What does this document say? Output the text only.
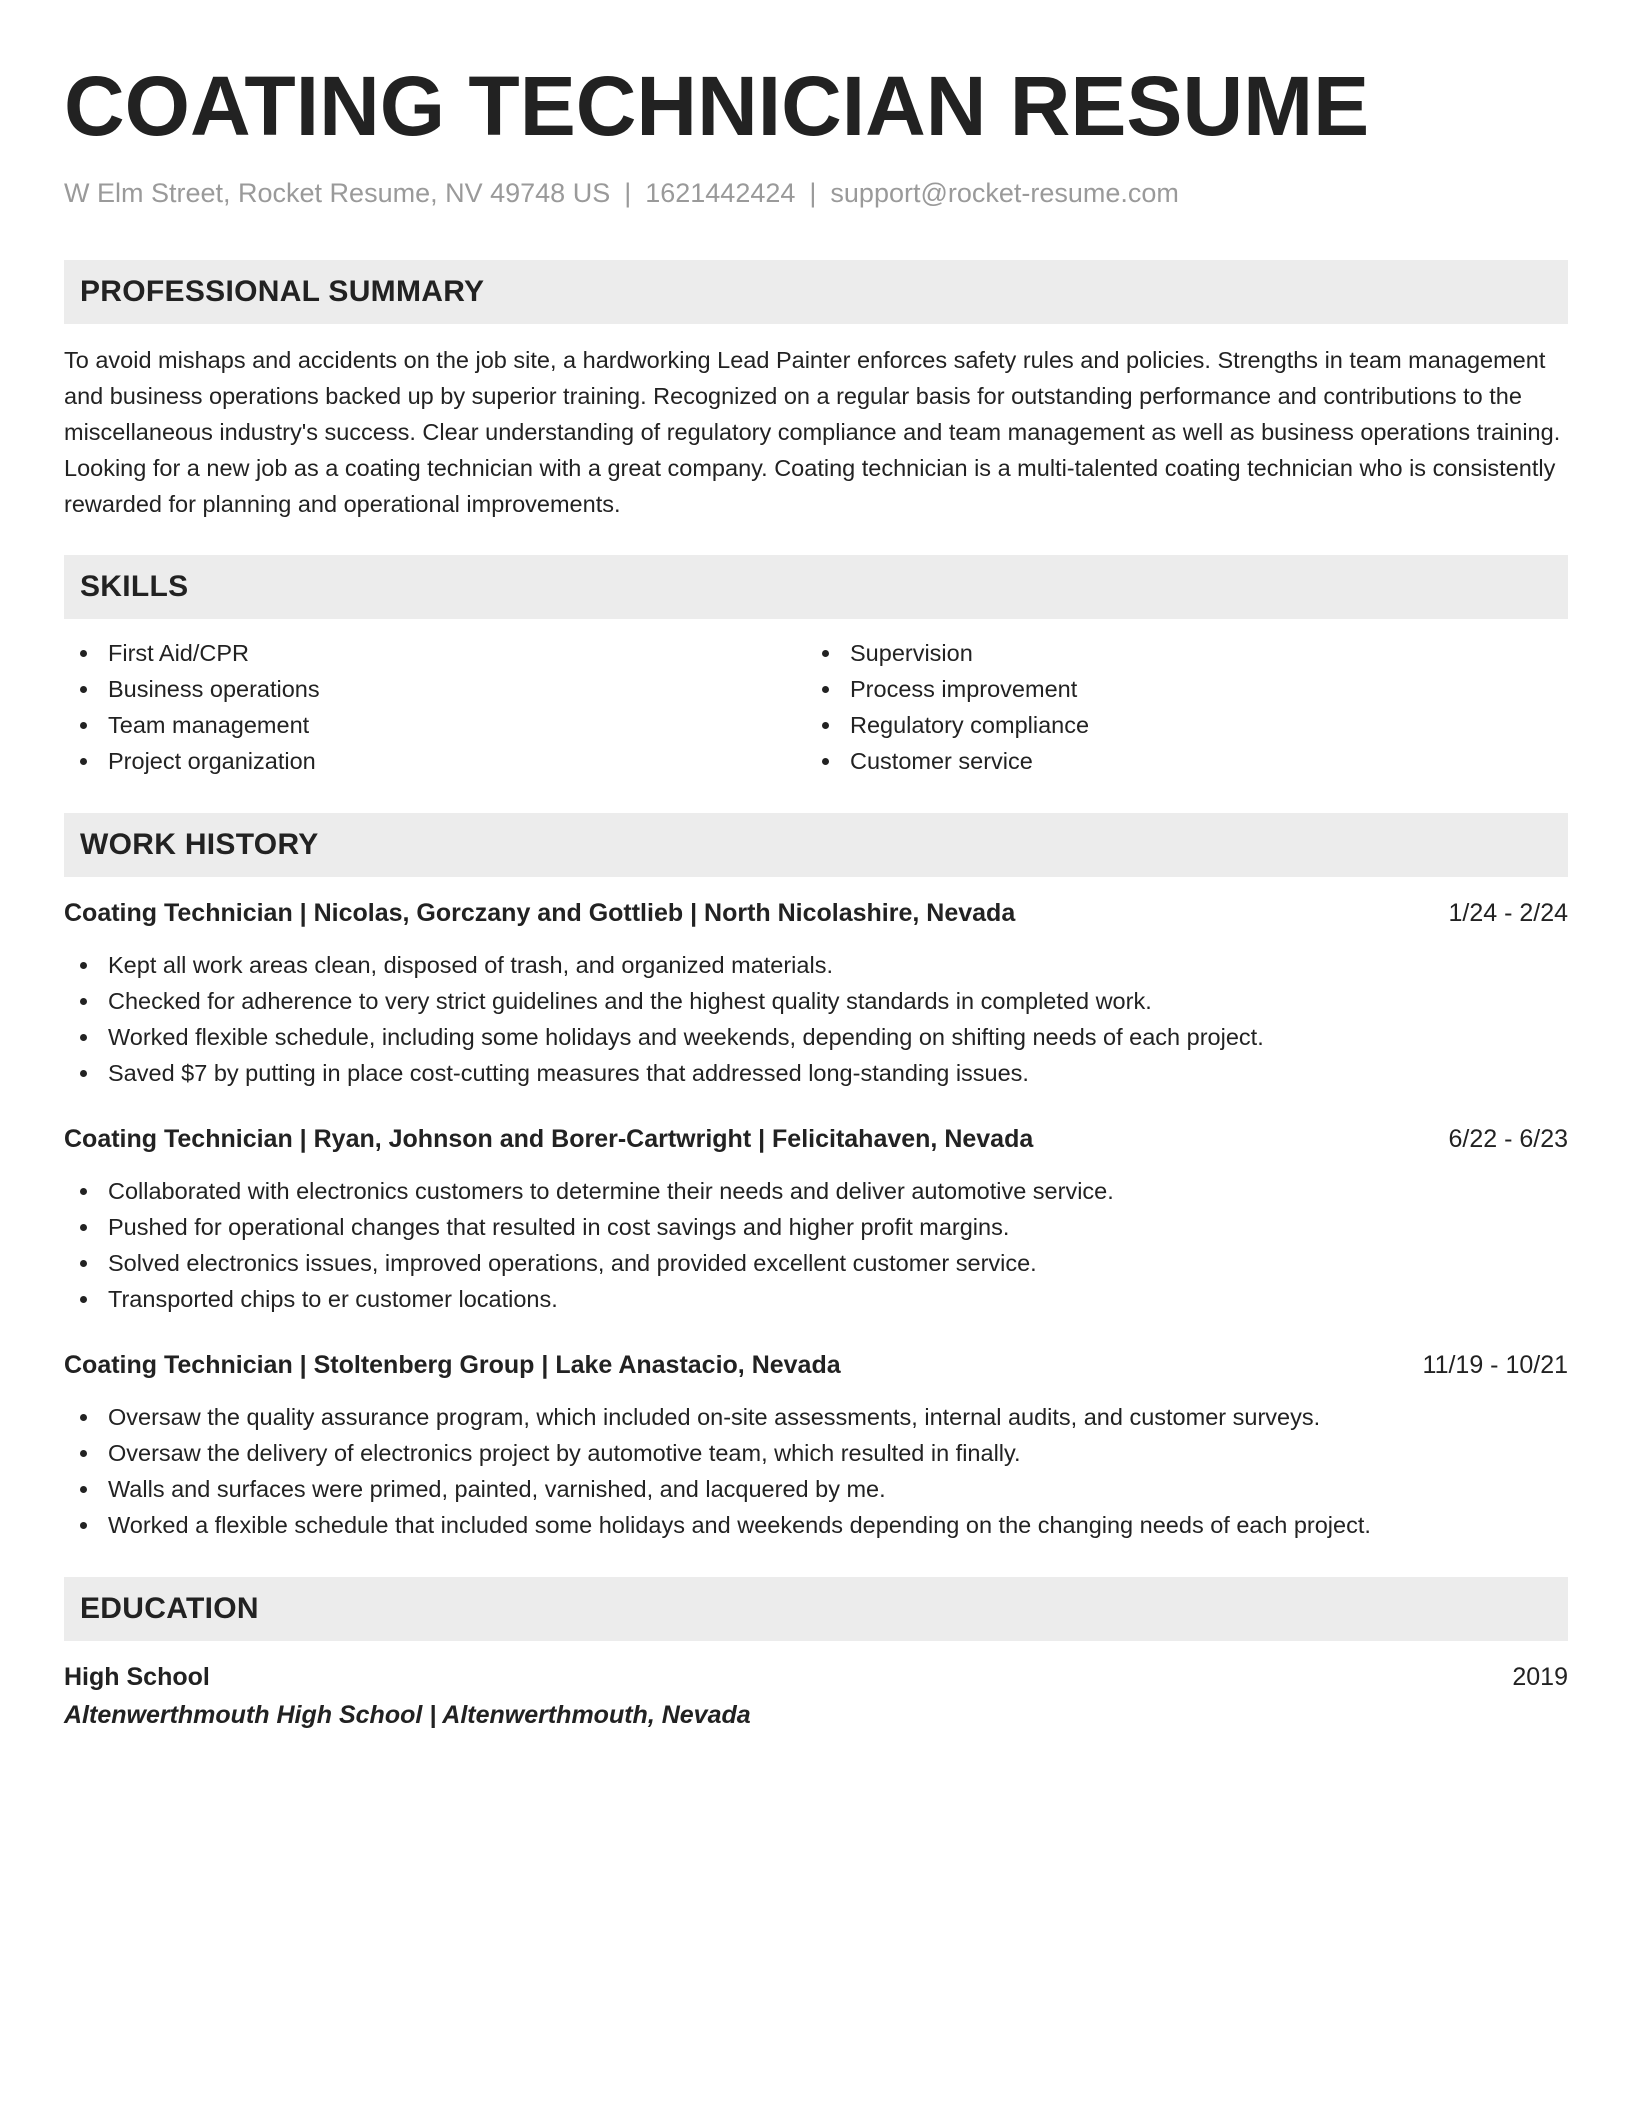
COATING TECHNICIAN RESUME
W Elm Street, Rocket Resume, NV 49748 US | 1621442424 | support@rocket-resume.com
PROFESSIONAL SUMMARY

To avoid mishaps and accidents on the job site, a hardworking Lead Painter enforces safety rules and policies. Strengths in team management and business operations backed up by superior training. Recognized on a regular basis for outstanding performance and contributions to the miscellaneous industry's success. Clear understanding of regulatory compliance and team management as well as business operations training. Looking for a new job as a coating technician with a great company. Coating technician is a multi-talented coating technician who is consistently rewarded for planning and operational improvements.

SKILLS
First Aid/CPR
Business operations
Team management
Project organization
Supervision
Process improvement
Regulatory compliance
Customer service
WORK HISTORY
Coating Technician | Nicolas, Gorczany and Gottlieb | North Nicolashire, Nevada	1/24 - 2/24
Kept all work areas clean, disposed of trash, and organized materials.
Checked for adherence to very strict guidelines and the highest quality standards in completed work.
Worked flexible schedule, including some holidays and weekends, depending on shifting needs of each project.
Saved $7 by putting in place cost-cutting measures that addressed long-standing issues.
Coating Technician | Ryan, Johnson and Borer-Cartwright | Felicitahaven, Nevada	6/22 - 6/23
Collaborated with electronics customers to determine their needs and deliver automotive service.
Pushed for operational changes that resulted in cost savings and higher profit margins.
Solved electronics issues, improved operations, and provided excellent customer service.
Transported chips to er customer locations.
Coating Technician | Stoltenberg Group | Lake Anastacio, Nevada	11/19 - 10/21
Oversaw the quality assurance program, which included on-site assessments, internal audits, and customer surveys.
Oversaw the delivery of electronics project by automotive team, which resulted in finally.
Walls and surfaces were primed, painted, varnished, and lacquered by me.
Worked a flexible schedule that included some holidays and weekends depending on the changing needs of each project.
EDUCATION
High School	2019
Altenwerthmouth High School | Altenwerthmouth, Nevada
